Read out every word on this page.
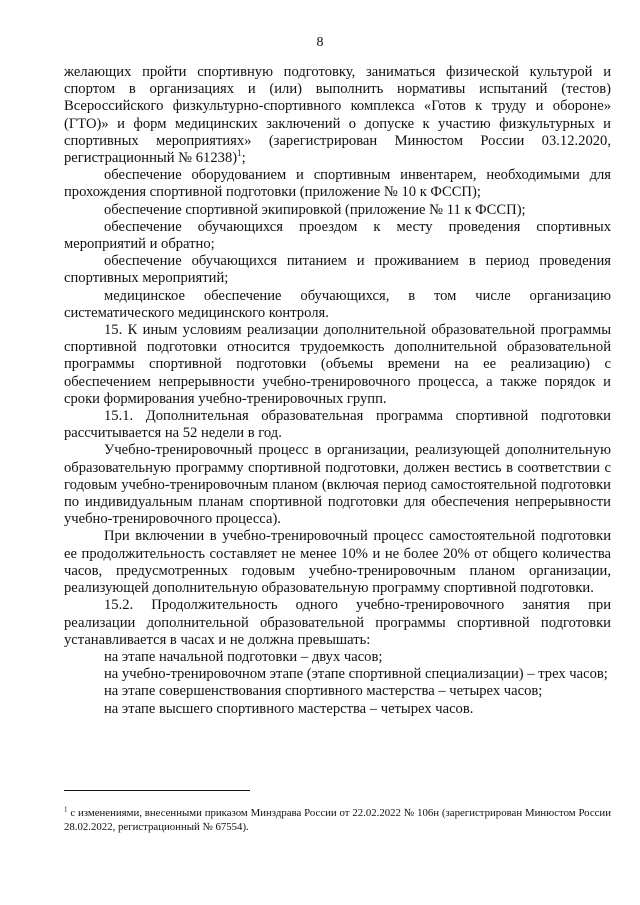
8

желающих пройти спортивную подготовку, заниматься физической культурой и спортом в организациях и (или) выполнить нормативы испытаний (тестов) Всероссийского физкультурно-спортивного комплекса «Готов к труду и обороне» (ГТО)» и форм медицинских заключений о допуске к участию физкультурных и спортивных мероприятиях» (зарегистрирован Минюстом России 03.12.2020, регистрационный № 61238)$^1$;

обеспечение оборудованием и спортивным инвентарем, необходимыми для прохождения спортивной подготовки (приложение № 10 к ФССП);

обеспечение спортивной экипировкой (приложение № 11 к ФССП);

обеспечение обучающихся проездом к месту проведения спортивных мероприятий и обратно;

обеспечение обучающихся питанием и проживанием в период проведения спортивных мероприятий;

медицинское обеспечение обучающихся, в том числе организацию систематического медицинского контроля.

15. К иным условиям реализации дополнительной образовательной программы спортивной подготовки относится трудоемкость дополнительной образовательной программы спортивной подготовки (объемы времени на ее реализацию) с обеспечением непрерывности учебно-тренировочного процесса, а также порядок и сроки формирования учебно-тренировочных групп.

15.1. Дополнительная образовательная программа спортивной подготовки рассчитывается на 52 недели в год.

Учебно-тренировочный процесс в организации, реализующей дополнительную образовательную программу спортивной подготовки, должен вестись в соответствии с годовым учебно-тренировочным планом (включая период самостоятельной подготовки по индивидуальным планам спортивной подготовки для обеспечения непрерывности учебно-тренировочного процесса).

При включении в учебно-тренировочный процесс самостоятельной подготовки ее продолжительность составляет не менее 10% и не более 20% от общего количества часов, предусмотренных годовым учебно-тренировочным планом организации, реализующей дополнительную образовательную программу спортивной подготовки.

15.2. Продолжительность одного учебно-тренировочного занятия при реализации дополнительной образовательной программы спортивной подготовки устанавливается в часах и не должна превышать:

на этапе начальной подготовки – двух часов;

на учебно-тренировочном этапе (этапе спортивной специализации) – трех часов;

на этапе совершенствования спортивного мастерства – четырех часов;

на этапе высшего спортивного мастерства – четырех часов.

$^1$ с изменениями, внесенными приказом Минздрава России от 22.02.2022 № 106н (зарегистрирован Минюстом России 28.02.2022, регистрационный № 67554).
